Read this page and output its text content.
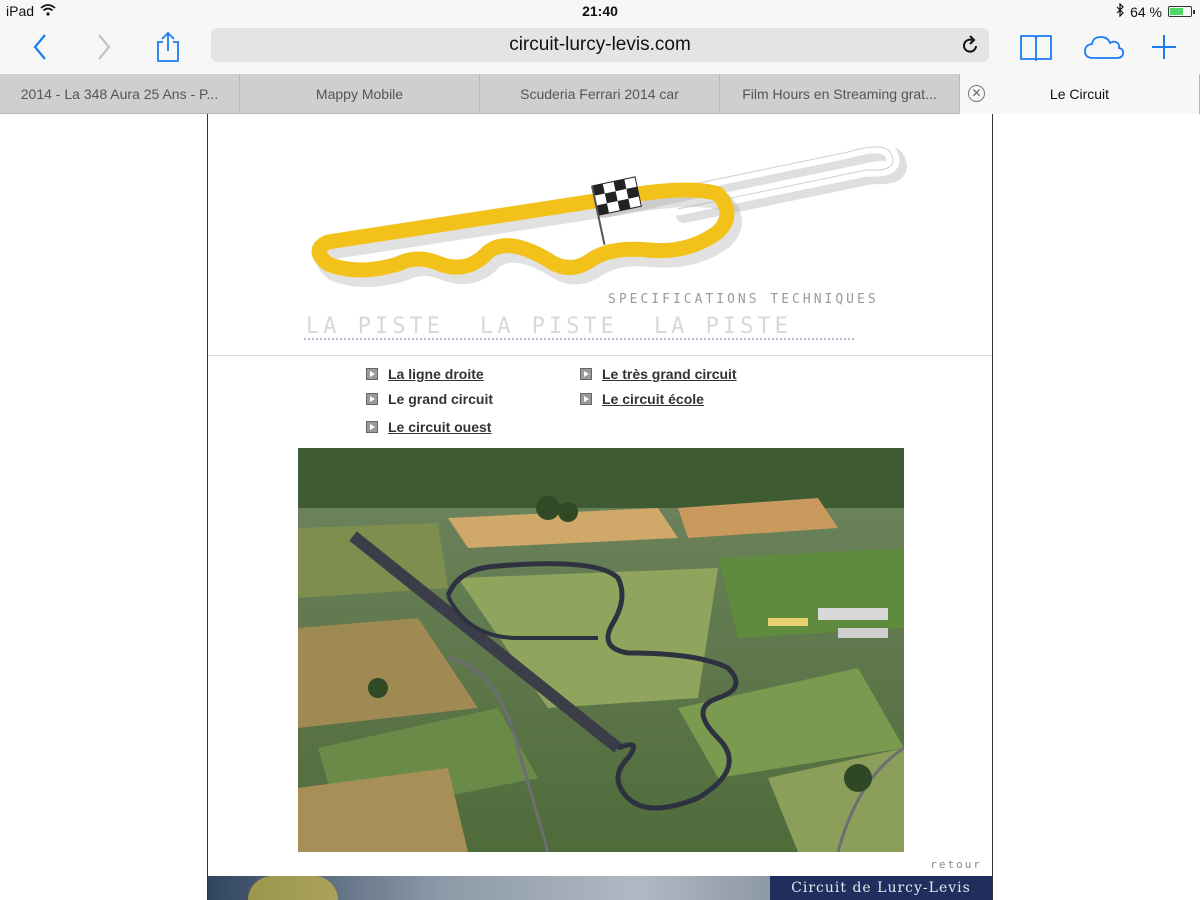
iPad	21:40	64 %
circuit-lurcy-levis.com
2014 - La 348 Aura 25 Ans - P...	Mappy Mobile	Scuderia Ferrari 2014 car	Film Hours en Streaming grat...	✕	Le Circuit
SPECIFICATIONS TECHNIQUES
LA PISTE LA PISTE LA PISTE
La ligne droite	Le très grand circuit
Le grand circuit	Le circuit école
Le circuit ouest
retour
Circuit de Lurcy-Levis
